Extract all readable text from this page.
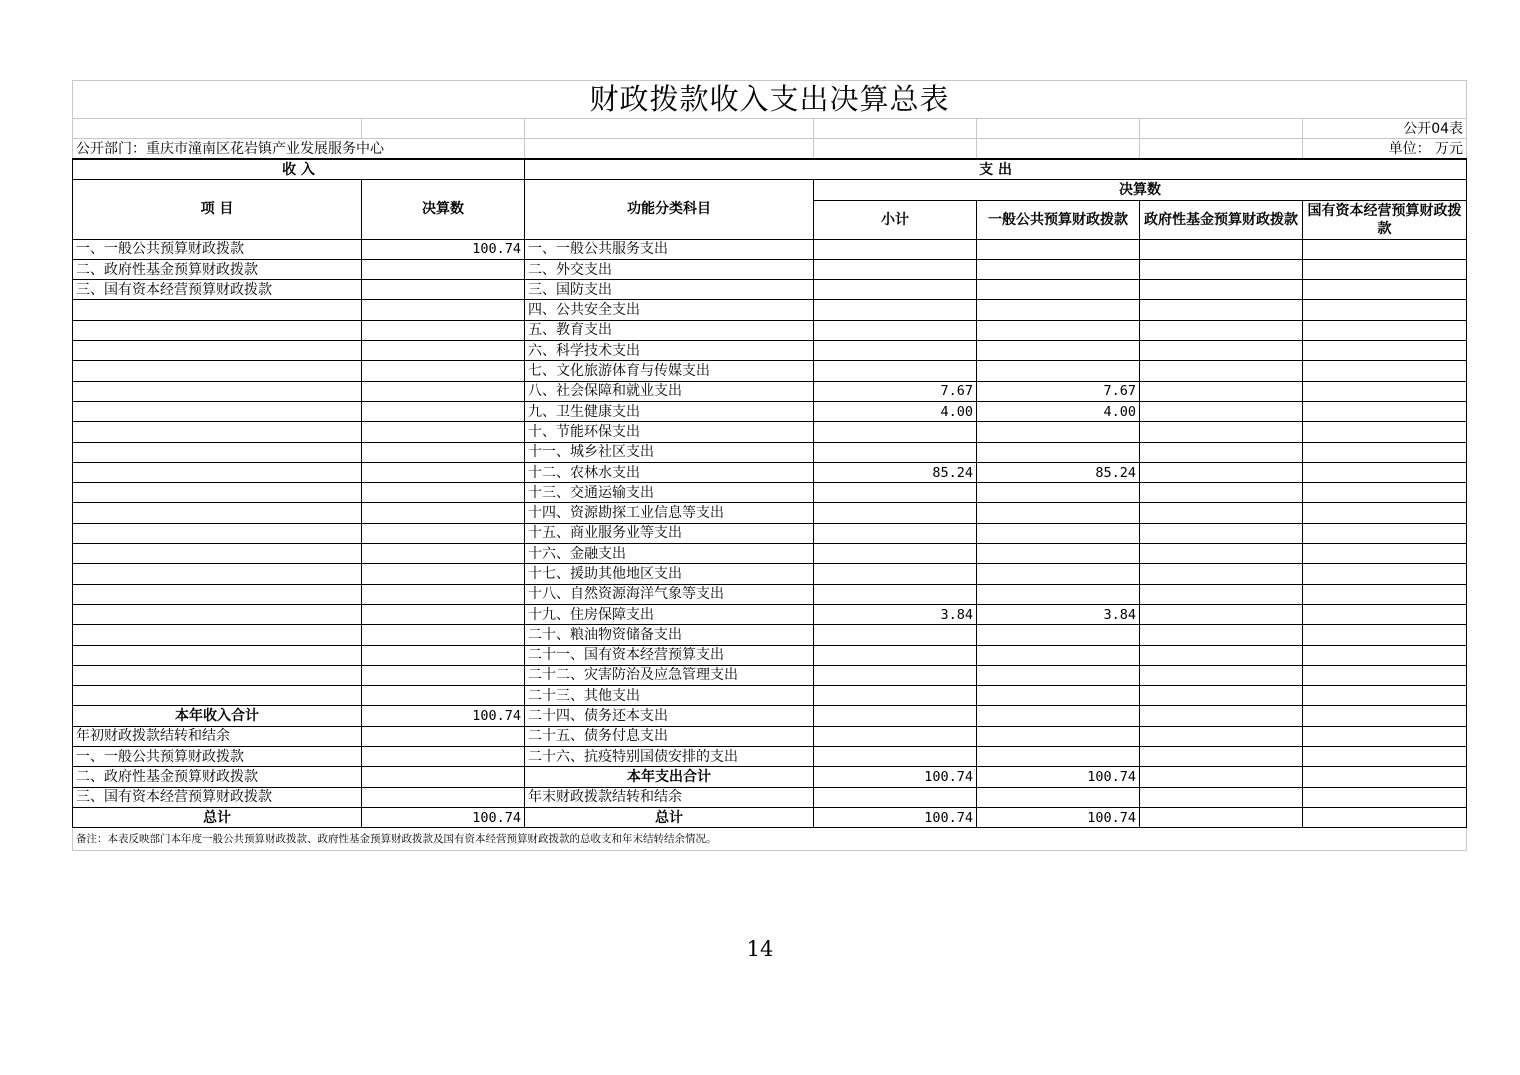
财政拨款收入支出决算总表						
						公开04表
公开部门：重庆市潼南区花岩镇产业发展服务中心						单位： 万元
收 入		支 出				
项 目	决算数	功能分类科目	决算数			
			小计	一般公共预算财政拨款	政府性基金预算财政拨款	国有资本经营预算财政拨款
一、一般公共预算财政拨款	100.74	一、一般公共服务支出				
二、政府性基金预算财政拨款		二、外交支出				
三、国有资本经营预算财政拨款		三、国防支出				
		四、公共安全支出				
		五、教育支出				
		六、科学技术支出				
		七、文化旅游体育与传媒支出				
		八、社会保障和就业支出	7.67	7.67		
		九、卫生健康支出	4.00	4.00		
		十、节能环保支出				
		十一、城乡社区支出				
		十二、农林水支出	85.24	85.24		
		十三、交通运输支出				
		十四、资源勘探工业信息等支出				
		十五、商业服务业等支出				
		十六、金融支出				
		十七、援助其他地区支出				
		十八、自然资源海洋气象等支出				
		十九、住房保障支出	3.84	3.84		
		二十、粮油物资储备支出				
		二十一、国有资本经营预算支出				
		二十二、灾害防治及应急管理支出				
		二十三、其他支出				
本年收入合计	100.74	二十四、债务还本支出				
年初财政拨款结转和结余		二十五、债务付息支出				
一、一般公共预算财政拨款		二十六、抗疫特别国债安排的支出				
二、政府性基金预算财政拨款		本年支出合计	100.74	100.74		
三、国有资本经营预算财政拨款		年末财政拨款结转和结余				
总计	100.74	总计	100.74	100.74		
备注：本表反映部门本年度一般公共预算财政拨款、政府性基金预算财政拨款及国有资本经营预算财政拨款的总收支和年末结转结余情况。						
14
